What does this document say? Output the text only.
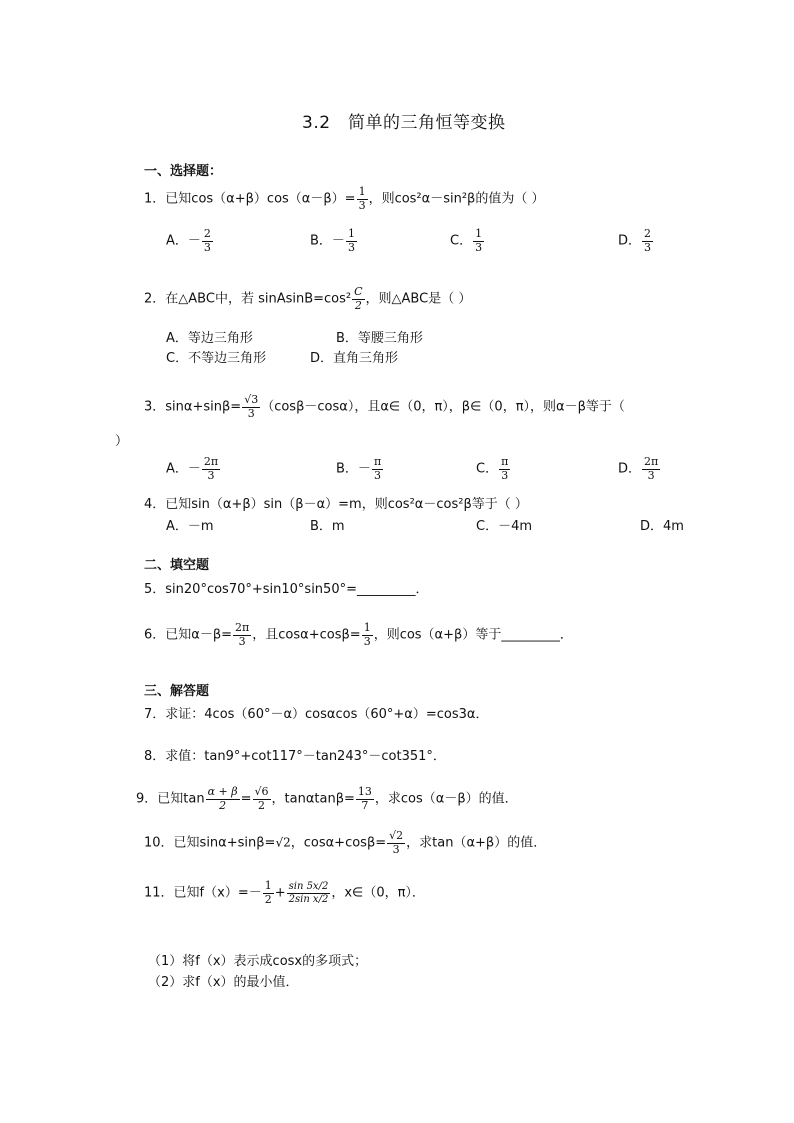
3.2　简单的三角恒等变换
一、选择题：
1．已知$\cos(\alpha+\beta)\cos(\alpha-\beta)= \frac{1}{3}$ ，则cos²α－sin²β的值为（ ）
A．－ $\frac{2}{3}$	B．－ $\frac{1}{3}$	C． $\frac{1}{3}$	D． $\frac{2}{3}$
2．在△ABC中，若 sinAsinB=cos² $\frac{C}{2}$ ，则△ABC是（ ）
A．等边三角形	B．等腰三角形
C．不等边三角形	D．直角三角形
3．$\sin\alpha+\sin\beta= \frac{√3}{3} (\cos\beta-\cos\alpha)$，且α∈（0，π），β∈（0，π），则α－β等于（
）
A．－ $\frac{2\pi}{3}$	B．－ $\frac{\pi}{3}$	C． $\frac{\pi}{3}$	D． $\frac{2\pi}{3}$
4．已知sin（α+β）sin（β－α）=m，则cos²α－cos²β等于（ ）
A．－m	B．m	C．－4m	D．4m
二、填空题
5．sin20°cos70°+sin10°sin50°=_________．
6．已知$\alpha-\beta= \frac{2\pi}{3}$ ，且$\cos\alpha+\cos\beta= \frac{1}{3}$ ，则cos（α+β）等于_________．
三、解答题
7．求证：4cos（60°－α）cosαcos（60°+α）=cos3α．
8．求值：tan9°+cot117°－tan243°－cot351°．
9．已知$\tan \frac{\alpha + \beta}{2} = \frac{√6}{2}$ ，$\tan\alpha\tan\beta= \frac{13}{7}$ ，求cos（α－β）的值．
10．已知sinα+sinβ=√2，$\cos\alpha+\cos\beta= \frac{√2}{3}$ ，求tan（α+β）的值．
11．已知$f(x)=- \frac{1}{2} + \frac{\sin 5x/2}{\text{2sin x/2}}$ ，x∈（0，π）．
（1）将f（x）表示成cosx的多项式；
（2）求f（x）的最小值．
